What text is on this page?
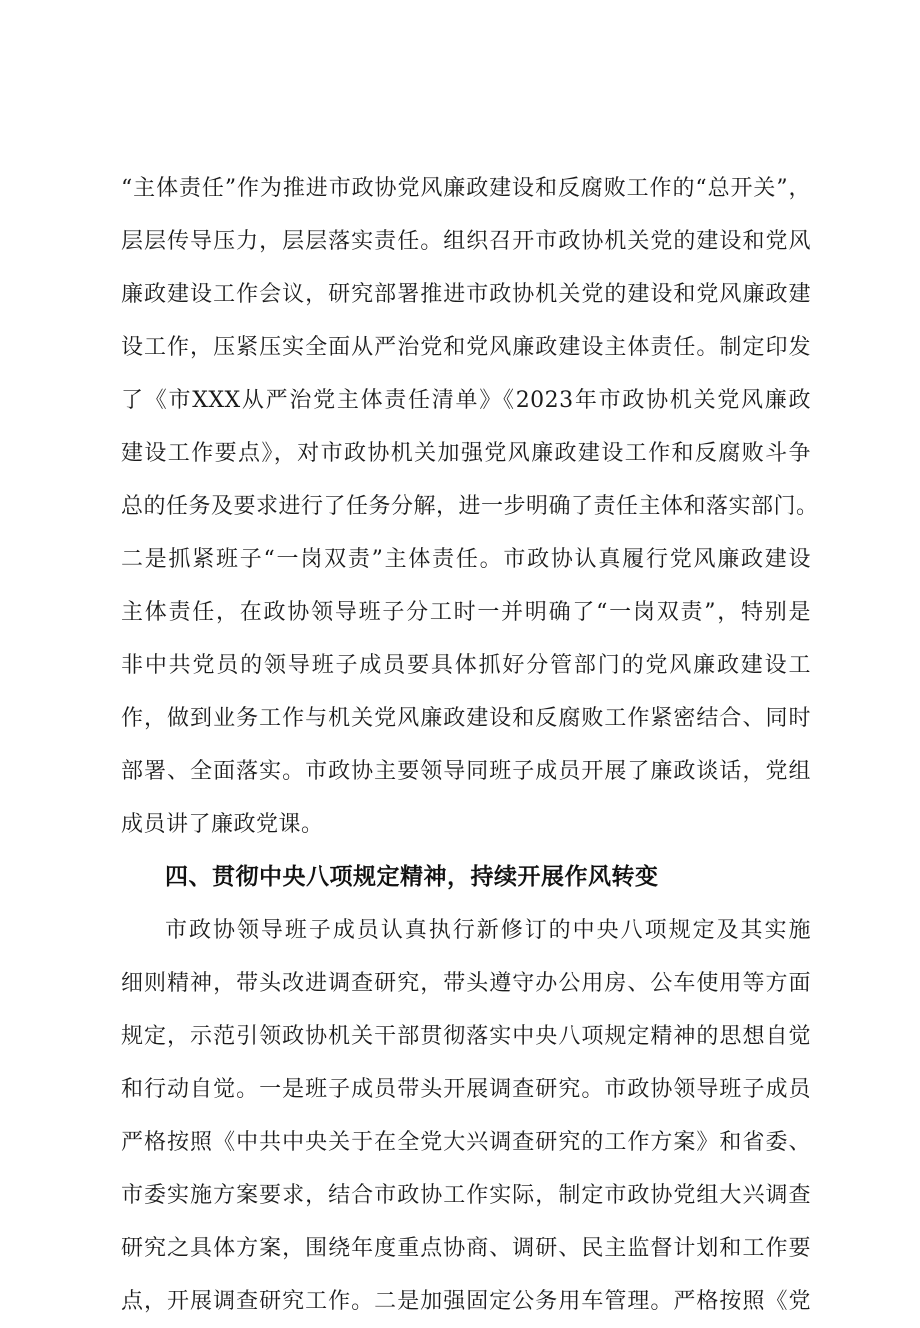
“主体责任”作为推进市政协党风廉政建设和反腐败工作的“总开关”，
层层传导压力，层层落实责任。组织召开市政协机关党的建设和党风
廉政建设工作会议，研究部署推进市政协机关党的建设和党风廉政建
设工作，压紧压实全面从严治党和党风廉政建设主体责任。制定印发
了《市XXX从严治党主体责任清单》《2023年市政协机关党风廉政
建设工作要点》，对市政协机关加强党风廉政建设工作和反腐败斗争
总的任务及要求进行了任务分解，进一步明确了责任主体和落实部门。
二是抓紧班子“一岗双责”主体责任。市政协认真履行党风廉政建设
主体责任，在政协领导班子分工时一并明确了“一岗双责”，特别是
非中共党员的领导班子成员要具体抓好分管部门的党风廉政建设工
作，做到业务工作与机关党风廉政建设和反腐败工作紧密结合、同时
部署、全面落实。市政协主要领导同班子成员开展了廉政谈话，党组
成员讲了廉政党课。
四、贯彻中央八项规定精神，持续开展作风转变
市政协领导班子成员认真执行新修订的中央八项规定及其实施
细则精神，带头改进调查研究，带头遵守办公用房、公车使用等方面
规定，示范引领政协机关干部贯彻落实中央八项规定精神的思想自觉
和行动自觉。一是班子成员带头开展调查研究。市政协领导班子成员
严格按照《中共中央关于在全党大兴调查研究的工作方案》和省委、
市委实施方案要求，结合市政协工作实际，制定市政协党组大兴调查
研究之具体方案，围绕年度重点协商、调研、民主监督计划和工作要
点，开展调查研究工作。二是加强固定公务用车管理。严格按照《党
